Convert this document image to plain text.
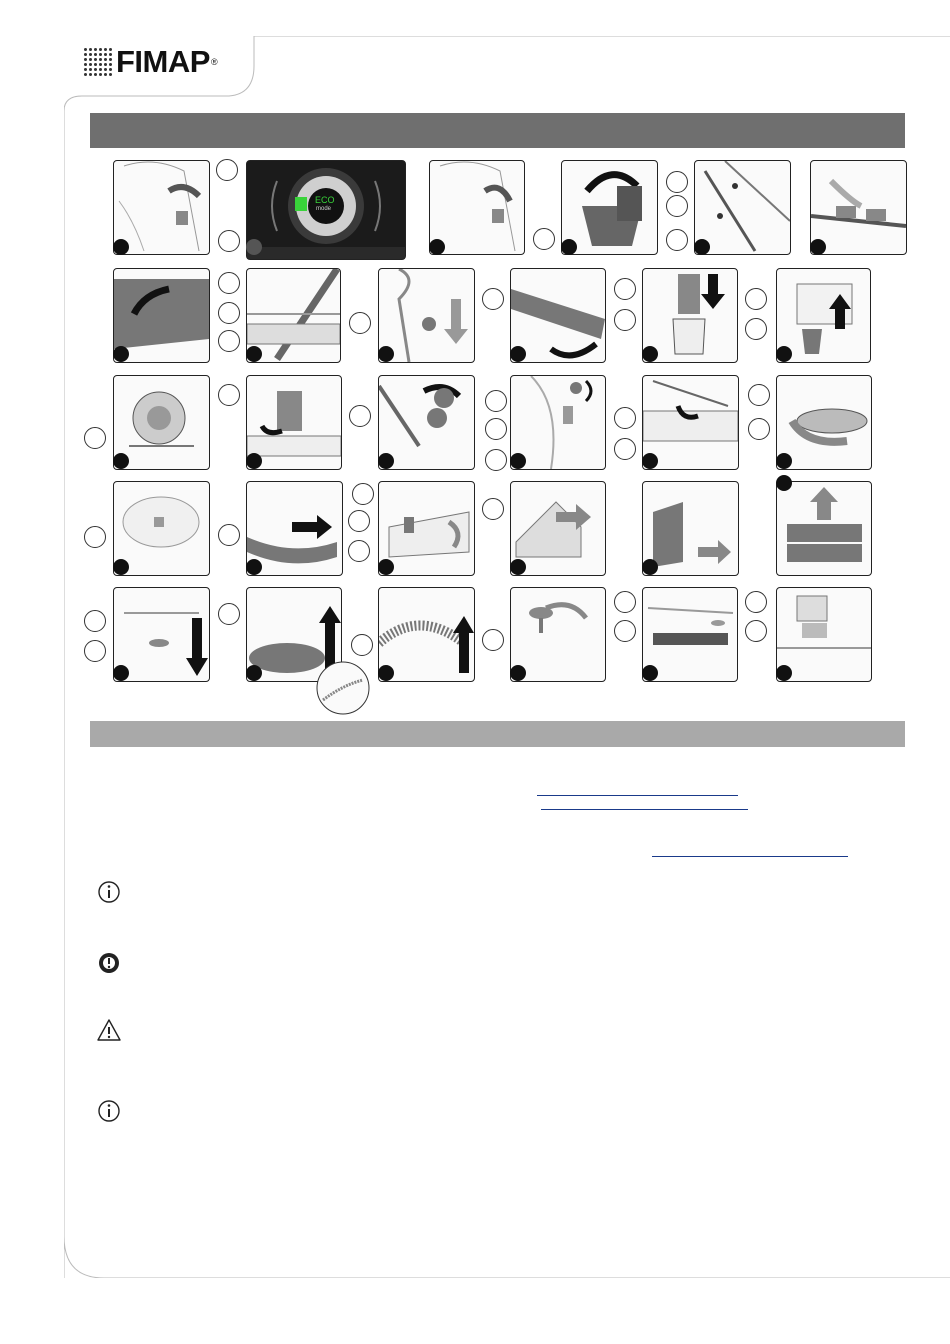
FIMAP ®
ECO
mode
